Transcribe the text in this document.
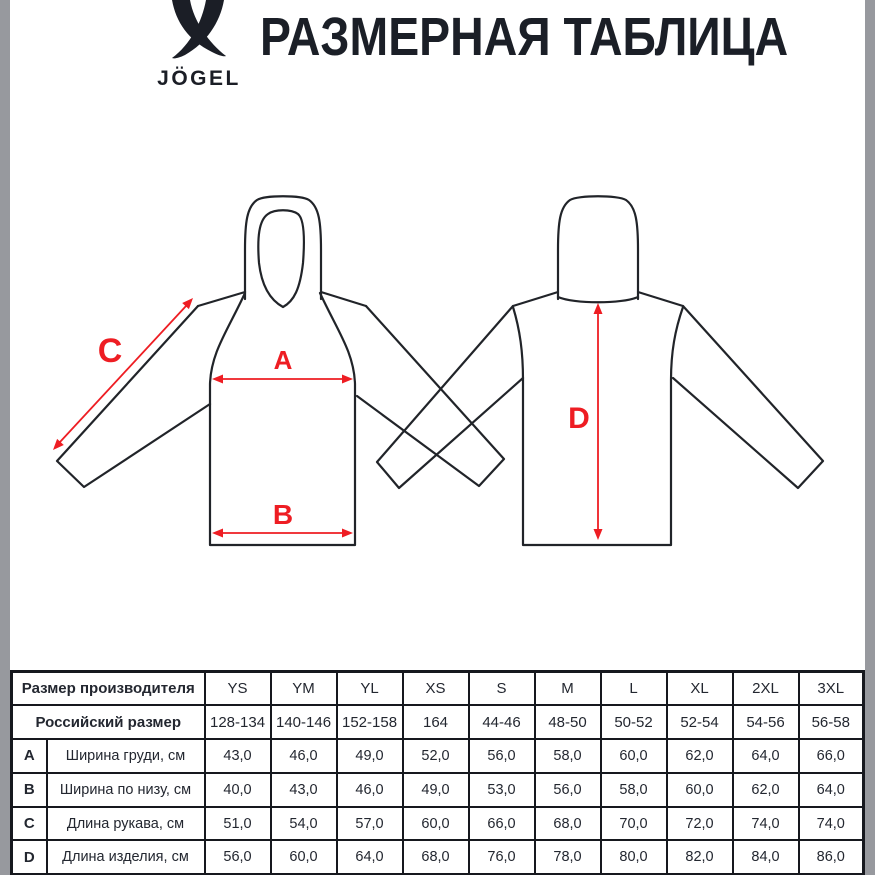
JÖGEL
РАЗМЕРНАЯ ТАБЛИЦА
A
B
C
D
Размер производителя		YS	YM	YL	XS	S	M	L	XL	2XL	3XL
Российский размер		128-134	140-146	152-158	164	44-46	48-50	50-52	52-54	54-56	56-58
A	Ширина груди, см	43,0	46,0	49,0	52,0	56,0	58,0	60,0	62,0	64,0	66,0
B	Ширина по низу, см	40,0	43,0	46,0	49,0	53,0	56,0	58,0	60,0	62,0	64,0
C	Длина рукава, см	51,0	54,0	57,0	60,0	66,0	68,0	70,0	72,0	74,0	74,0
D	Длина изделия, см	56,0	60,0	64,0	68,0	76,0	78,0	80,0	82,0	84,0	86,0
